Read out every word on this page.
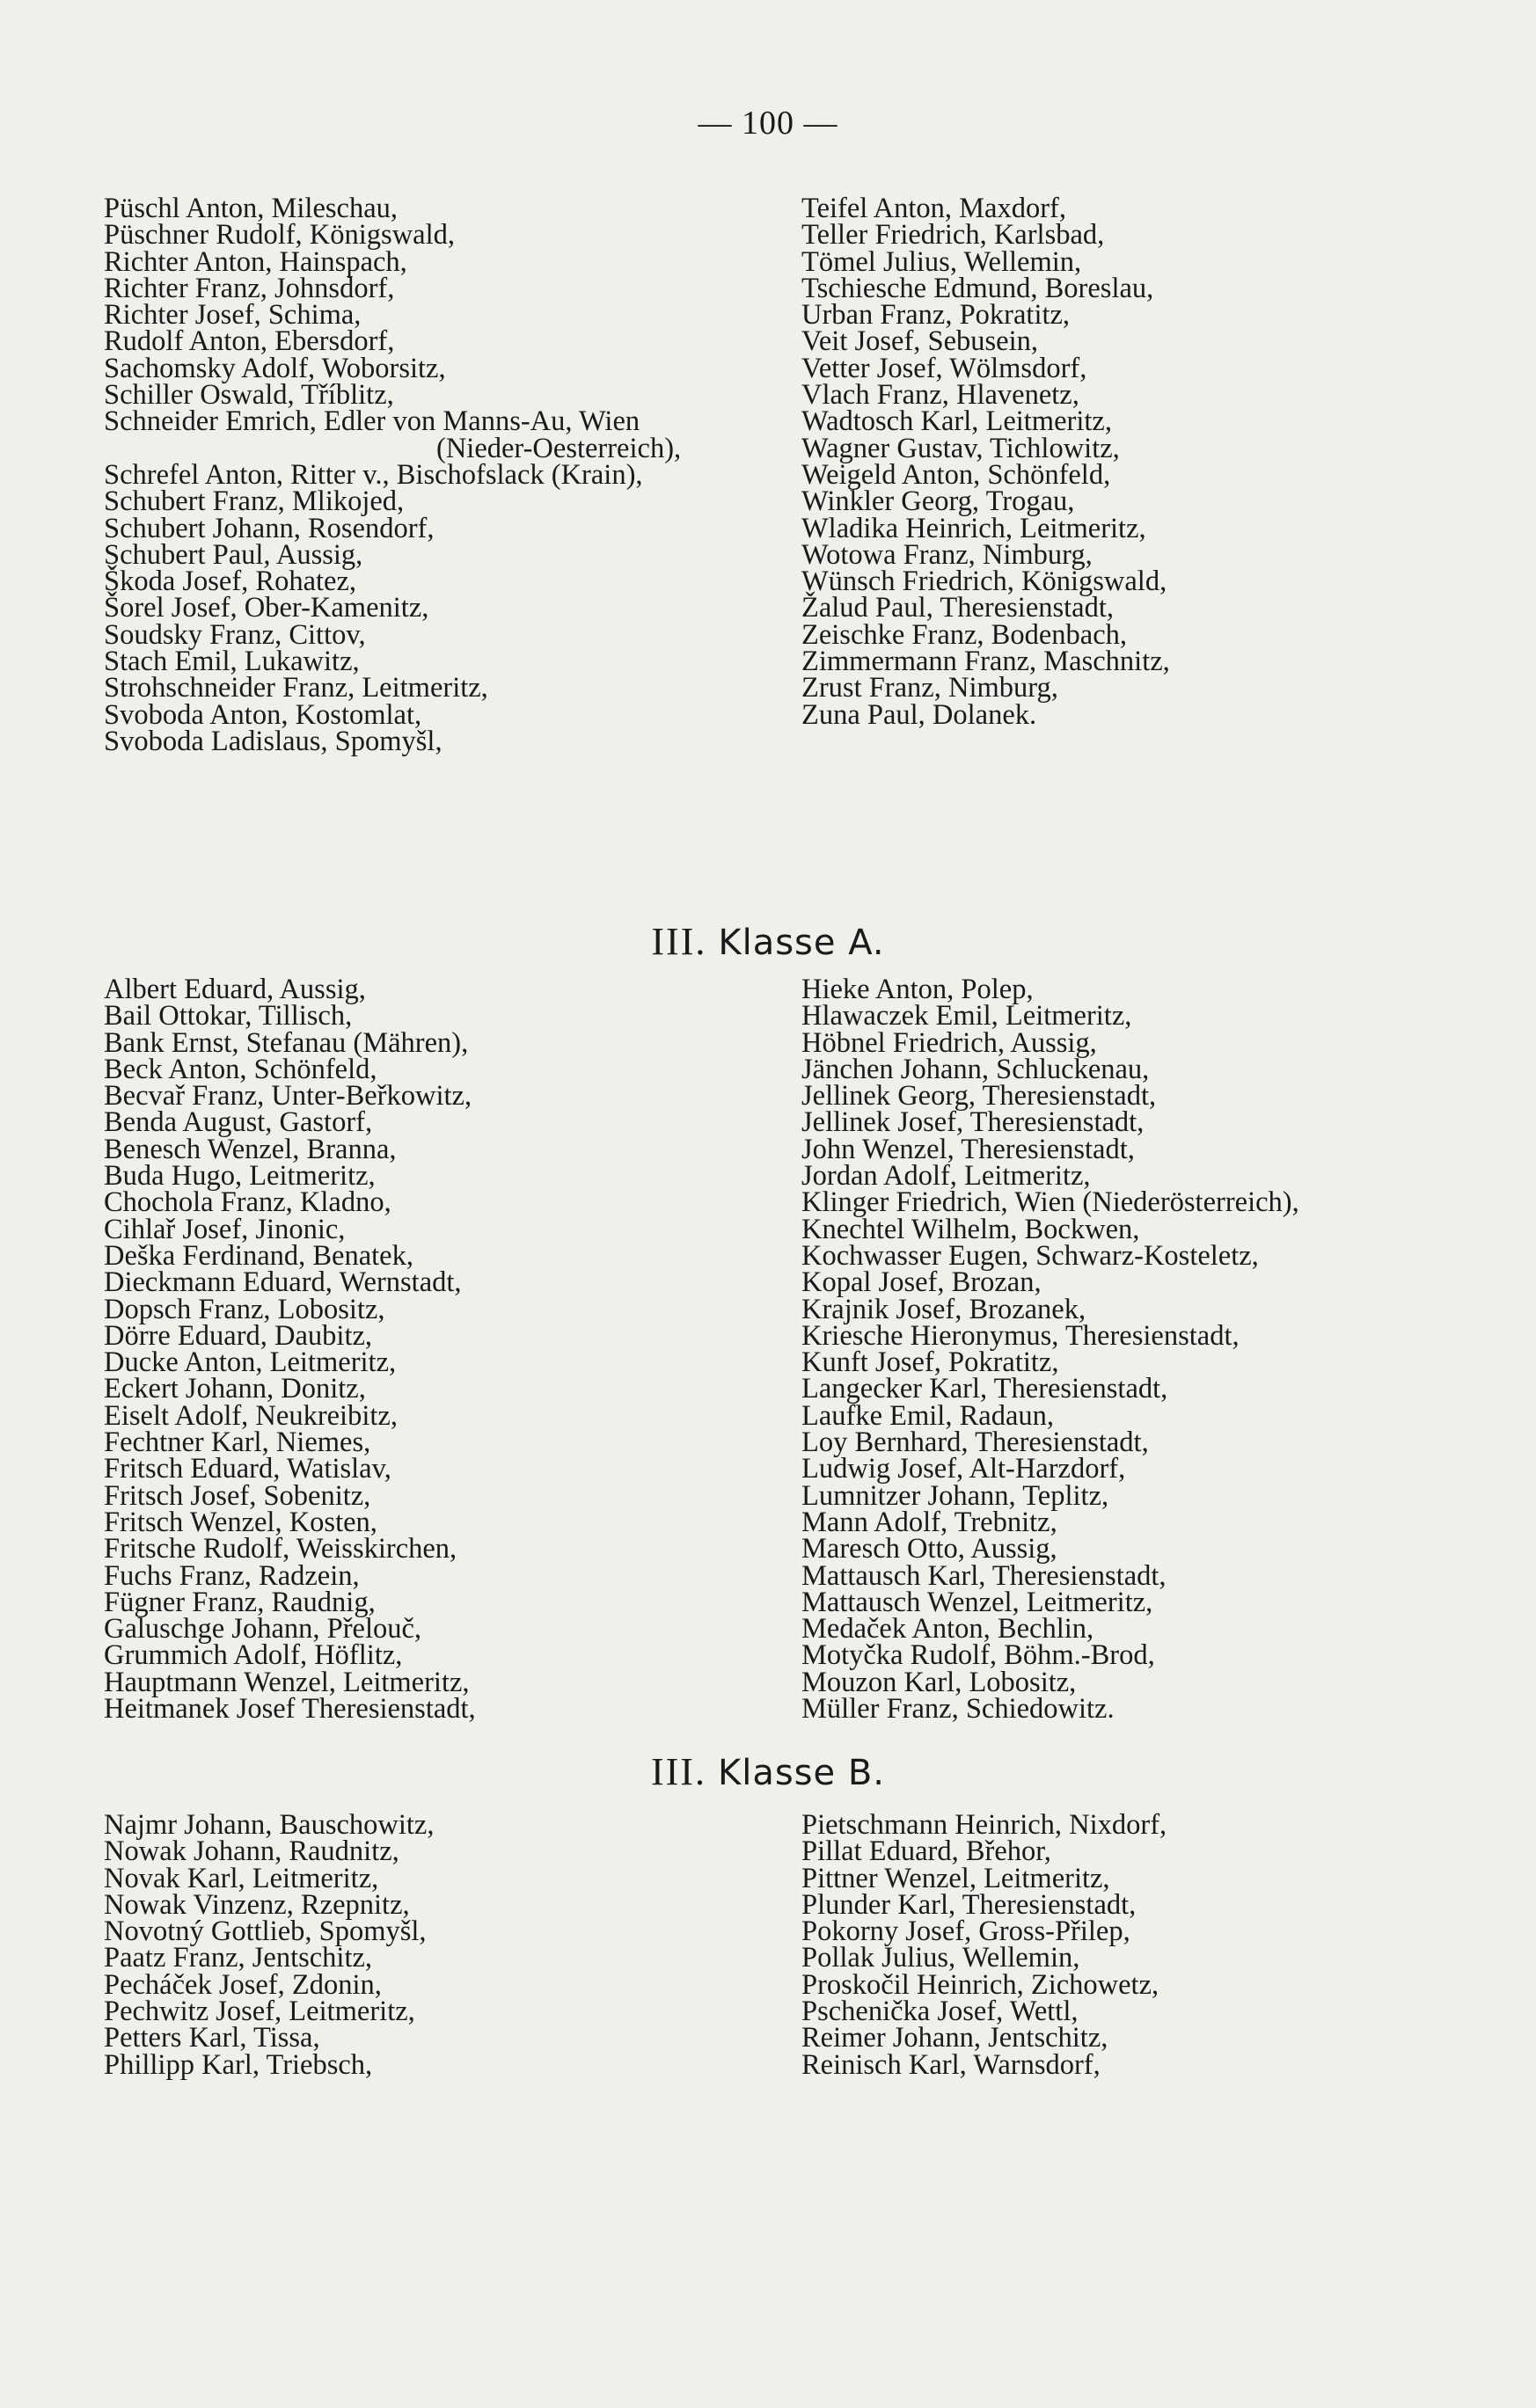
— 100 —
Püschl Anton, Mileschau,
Püschner Rudolf, Königswald,
Richter Anton, Hainspach,
Richter Franz, Johnsdorf,
Richter Josef, Schima,
Rudolf Anton, Ebersdorf,
Sachomsky Adolf, Woborsitz,
Schiller Oswald, Tříblitz,
Schneider Emrich, Edler von Manns-Au, Wien
(Nieder-Oesterreich),
Schrefel Anton, Ritter v., Bischofslack (Krain),
Schubert Franz, Mlikojed,
Schubert Johann, Rosendorf,
Schubert Paul, Aussig,
Škoda Josef, Rohatez,
Šorel Josef, Ober-Kamenitz,
Soudsky Franz, Cittov,
Stach Emil, Lukawitz,
Strohschneider Franz, Leitmeritz,
Svoboda Anton, Kostomlat,
Svoboda Ladislaus, Spomyšl,
Teifel Anton, Maxdorf,
Teller Friedrich, Karlsbad,
Tömel Julius, Wellemin,
Tschiesche Edmund, Boreslau,
Urban Franz, Pokratitz,
Veit Josef, Sebusein,
Vetter Josef, Wölmsdorf,
Vlach Franz, Hlavenetz,
Wadtosch Karl, Leitmeritz,
Wagner Gustav, Tichlowitz,
Weigeld Anton, Schönfeld,
Winkler Georg, Trogau,
Wladika Heinrich, Leitmeritz,
Wotowa Franz, Nimburg,
Wünsch Friedrich, Königswald,
Žalud Paul, Theresienstadt,
Zeischke Franz, Bodenbach,
Zimmermann Franz, Maschnitz,
Zrust Franz, Nimburg,
Zuna Paul, Dolanek.
III. Klasse A.
Albert Eduard, Aussig,
Bail Ottokar, Tillisch,
Bank Ernst, Stefanau (Mähren),
Beck Anton, Schönfeld,
Becvař Franz, Unter-Beřkowitz,
Benda August, Gastorf,
Benesch Wenzel, Branna,
Buda Hugo, Leitmeritz,
Chochola Franz, Kladno,
Cihlař Josef, Jinonic,
Deška Ferdinand, Benatek,
Dieckmann Eduard, Wernstadt,
Dopsch Franz, Lobositz,
Dörre Eduard, Daubitz,
Ducke Anton, Leitmeritz,
Eckert Johann, Donitz,
Eiselt Adolf, Neukreibitz,
Fechtner Karl, Niemes,
Fritsch Eduard, Watislav,
Fritsch Josef, Sobenitz,
Fritsch Wenzel, Kosten,
Fritsche Rudolf, Weisskirchen,
Fuchs Franz, Radzein,
Fügner Franz, Raudnig,
Galuschge Johann, Přelouč,
Grummich Adolf, Höflitz,
Hauptmann Wenzel, Leitmeritz,
Heitmanek Josef Theresienstadt,
Hieke Anton, Polep,
Hlawaczek Emil, Leitmeritz,
Höbnel Friedrich, Aussig,
Jänchen Johann, Schluckenau,
Jellinek Georg, Theresienstadt,
Jellinek Josef, Theresienstadt,
John Wenzel, Theresienstadt,
Jordan Adolf, Leitmeritz,
Klinger Friedrich, Wien (Niederösterreich),
Knechtel Wilhelm, Bockwen,
Kochwasser Eugen, Schwarz-Kosteletz,
Kopal Josef, Brozan,
Krajnik Josef, Brozanek,
Kriesche Hieronymus, Theresienstadt,
Kunft Josef, Pokratitz,
Langecker Karl, Theresienstadt,
Laufke Emil, Radaun,
Loy Bernhard, Theresienstadt,
Ludwig Josef, Alt-Harzdorf,
Lumnitzer Johann, Teplitz,
Mann Adolf, Trebnitz,
Maresch Otto, Aussig,
Mattausch Karl, Theresienstadt,
Mattausch Wenzel, Leitmeritz,
Medaček Anton, Bechlin,
Motyčka Rudolf, Böhm.-Brod,
Mouzon Karl, Lobositz,
Müller Franz, Schiedowitz.
III. Klasse B.
Najmr Johann, Bauschowitz,
Nowak Johann, Raudnitz,
Novak Karl, Leitmeritz,
Nowak Vinzenz, Rzepnitz,
Novotný Gottlieb, Spomyšl,
Paatz Franz, Jentschitz,
Pecháček Josef, Zdonin,
Pechwitz Josef, Leitmeritz,
Petters Karl, Tissa,
Phillipp Karl, Triebsch,
Pietschmann Heinrich, Nixdorf,
Pillat Eduard, Břehor,
Pittner Wenzel, Leitmeritz,
Plunder Karl, Theresienstadt,
Pokorny Josef, Gross-Přilep,
Pollak Julius, Wellemin,
Proskočil Heinrich, Zichowetz,
Pschenička Josef, Wettl,
Reimer Johann, Jentschitz,
Reinisch Karl, Warnsdorf,
